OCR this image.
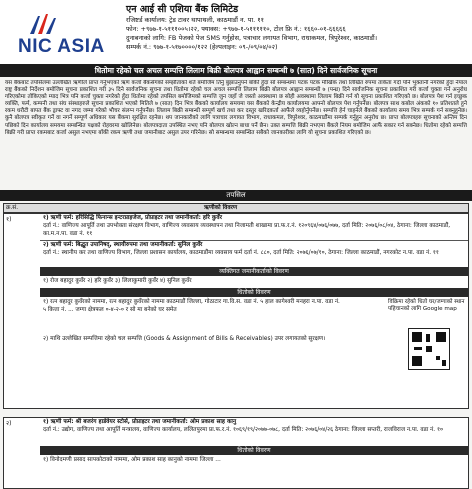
NIC ASIA
एन आई सी एशिया बैंक लिमिटेड
रजिष्टर्ड कार्यालय: ट्रेड टावर थापाथली, काठमाडौं न. पा. ११
फोन: +९७७-१-५१११००५।२२, फ्याक्स: +९७७-१-५१११११०, टोल फ्रि नं.: १६६०-०१-६६६६६
दुनाबनाको लागि: FB पेजको पेज SMS गर्नुहोस, पत्राचार लगायत विभाग, राधाकमल, त्रिपुरेश्वर, काठमाडौं।
सम्पर्क नं.: ९७७-१-५१७००००/१२२ (हेल्पलाइन: ०९-/०९/०४/०२)
धितोमा रहेको चल अचल सम्पत्ति लिलाम बिक्री बोलपत्र आह्वान सम्बन्धी ७ (सात) दिने सार्वजनिक सूचना
यस बैंकबाट तपसिलमा उल्लेखित ऋणीले प्राप्त गर्नुभएको ऋण कर्जा बैंकसँगको सम्झौताको शर्त बमोजिम तिर्नु बुझाउनुपर्ने बाँकी हुँदा सो सम्बन्धमा पटक पटक मौखिक तथा लिखित रुपमा ताकेता गर्दा पनि भुक्तानी नगरेको हुँदा नेपाल राष्ट्र बैंकको निर्देशन बमोजिम सूचना प्रकाशित गरी ३५ दिने सार्वजनिक सूचना तथा धितोमा रहेको चल अचल सम्पत्ति लिलाम बिक्री बोलपत्र आह्वान सम्बन्धी ७ (पन्ध्र) दिने सार्वजनिक सूचना प्रकाशित गरी कर्जा चुक्ता गर्न अनुरोध गरिएकोमा तोकिएको म्याद भित्र पनि कर्जा चुक्ता नगरेको हुँदा धितोमा रहेको तपसिल बमोजिमको सम्पत्ति जुन जहाँ जे जस्तो अवस्थामा छ सोही अवस्थामा लिलाम बिक्री गर्न यो सूचना प्रकाशित गरिएको छ। बोलपत्र पेश गर्न इच्छुक व्यक्ति, फर्म, कम्पनी तथा संघ संस्थाहरुले सूचना प्रकाशित भएको मितिले ७ (सात) दिन भित्र बैंकको कार्यालय समयमा यस बैंकको केन्द्रीय कार्यालयमा आफ्नो बोलपत्र पेश गर्नुपर्नेछ। बोलपत्र साथ कबोल अंकको १० प्रतिशतले हुने रकम धरौटी बापत बैंक ड्राफ्ट वा नगद जम्मा गरेको भौचर संलग्न गर्नुपर्नेछ। लिलाम बिक्री सम्बन्धी सम्पूर्ण खर्च तथा कर दस्तुर खरिदकर्ता आफैंले व्यहोर्नुपर्नेछ। सम्पत्ति हेर्न चाहनेले बैंकको कार्यालय समय भित्र सम्पर्क गर्न सक्नुहुनेछ। कुनै बोलपत्र स्वीकृत गर्ने वा नगर्ने सम्पूर्ण अधिकार यस बैंकमा सुरक्षित रहनेछ। थप जानकारीको लागि पत्राचार लगायत विभाग, राधाकमल, त्रिपुरेश्वर, काठमाडौंमा सम्पर्क गर्नुहुन अनुरोध छ। प्राप्त बोलपत्रहरु सूचनाको अन्तिम दिन पछिको दिन कार्यालय समयमा सम्बन्धित पक्षको रोहवरमा खोलिनेछ। बोलपत्रदाता उपस्थित नभए पनि बोलपत्र खोल्न बाधा पर्ने छैन। उक्त सम्पत्ति बिक्री नभएमा बैंकले नियम बमोजिम आफैं सकार गर्न सक्नेछ। धितोमा रहेको सम्पत्ति बिक्री गरी प्राप्त रकमबाट कर्जा असुल नभएमा बाँकी रकम ऋणी तथा जमानीबाट असुल उपर गरिनेछ। सो सम्बन्धमा सम्बन्धित सबैको जानकारीका लागि यो सूचना प्रकाशित गरिएको छ।
तपसिल
क्र.सं.	ऋणीको विवरण
१)	१) ऋणी फर्म: हरिसिद्धि फिनान्स इन्टरप्राइजेज, प्रोप्राइटर तथा जमानीकर्ता: हरि कुवँर
दर्ता नं.: वाणिज्य आपूर्ति तथा उपभोक्ता संरक्षण विभाग, वाणिज्य व्यवसाय व्यवस्थापन तथा निजामती शाखामा प्रा.फ.र.नं. १२०९६४/०७६/०७७, दर्ता मिति: २०७६/०८/०४, ठेगाना: जिल्ला काठमाडौं, का.म.न.पा. वडा नं. ११
२) ऋणी फर्म: बिद्धुत उपानिषद्, स्थायीरुपमा तथा जमानीकर्ता: सुनिल कुवँर
दर्ता नं.: स्थानीय कर तथा वाणिज्य विभाग, जिल्ला प्रशासन कार्यालय, काठमाडौंमा व्यवसाय फर्म दर्ता नं. ८८०, दर्ता मिति: २०७६/०७/१०, ठेगाना: जिल्ला काठमाडौं, नगरकोट न.पा. वडा नं. ११
व्यक्तिगत जमानीकर्ताको विवरण
१) रोज बहादुर कुवँर २) हरि कुवँर ३) लिलाकुमारी कुवँर ४) सुनिल कुवँर
धितोको विवरण
१) रत्न बहादुर कुवँरको नाममा, रत्न बहादुर कुवँरको नाममा काठमाडौं जिल्ला, गोठाटार गा.वि.स. वडा नं. ५ हाल कागेश्वरी मनहरा न.पा. वडा नं. ५ कित्ता नं. ... जग्गा क्षेत्रफल ०-४-२-० र सो मा बनेको घर समेत
२) माथि उल्लेखित सम्पत्तिमा रहेको चल सम्पत्ति (Goods & Assignment of Bills & Receivables) उपर लगायतको सुरक्षण।
विक्रिमा रहेको धितो घर/जग्गाको स्थान पहिचानको लागि Google map
२)	१) ऋणी फर्म: श्री बजरंग हार्डवेयर स्टोर्स, प्रोप्राइटर तथा जमानीकर्ता: ओम प्रकाश साह कानु
दर्ता नं.: उद्योग, वाणिज्य तथा आपूर्ति मन्त्रालय, वाणिज्य कार्यालय, ललितपुरमा प्रा.फ.र.नं. १०६९/१९/२०७७-०७८, दर्ता मिति: २०७६/०४/२६ ठेगाना: जिल्ला सप्तरी, राजविराज न.पा. वडा नं. १०
धितोको विवरण
१) विनोदमणी प्रसाद सापकोटाको नाममा, ओम प्रकाश साह कानुको नाममा जिल्ला ...
